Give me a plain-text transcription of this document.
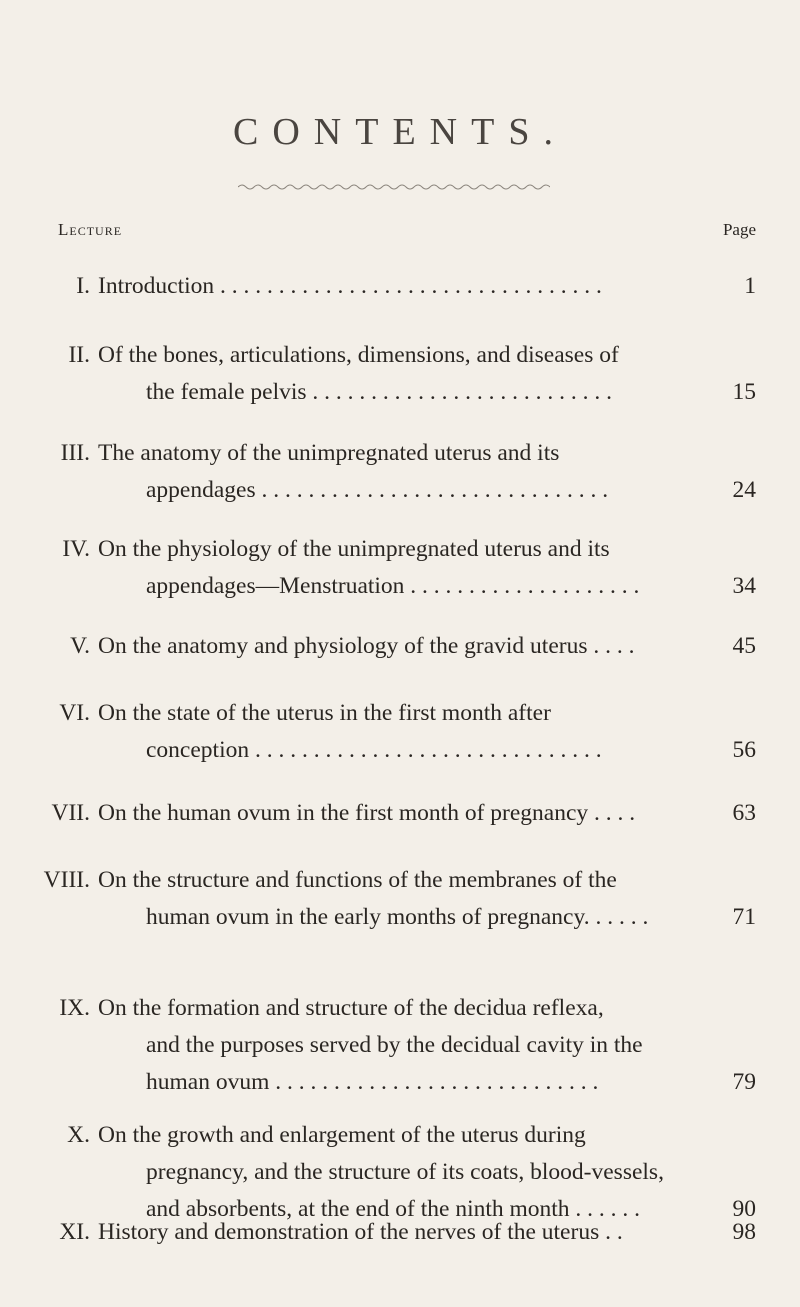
CONTENTS.
Lecture	Page
I. Introduction . . . . . . . . . . . . . . . . . . . . . . . . . . . . . . . . .	1
II. Of the bones, articulations, dimensions, and diseases of
the female pelvis . . . . . . . . . . . . . . . . . . . . . . . . . .	15
III. The anatomy of the unimpregnated uterus and its
appendages . . . . . . . . . . . . . . . . . . . . . . . . . . . . . .	24
IV. On the physiology of the unimpregnated uterus and its
appendages—Menstruation . . . . . . . . . . . . . . . . . . . .	34
V. On the anatomy and physiology of the gravid uterus . . . .	45
VI. On the state of the uterus in the first month after
conception . . . . . . . . . . . . . . . . . . . . . . . . . . . . . .	56
VII. On the human ovum in the first month of pregnancy . . . .	63
VIII. On the structure and functions of the membranes of the
human ovum in the early months of pregnancy. . . . . .	71
IX. On the formation and structure of the decidua reflexa,
and the purposes served by the decidual cavity in the
human ovum . . . . . . . . . . . . . . . . . . . . . . . . . . . .	79
X. On the growth and enlargement of the uterus during
pregnancy, and the structure of its coats, blood-vessels,
and absorbents, at the end of the ninth month . . . . . .	90
XI. History and demonstration of the nerves of the uterus . .	98
